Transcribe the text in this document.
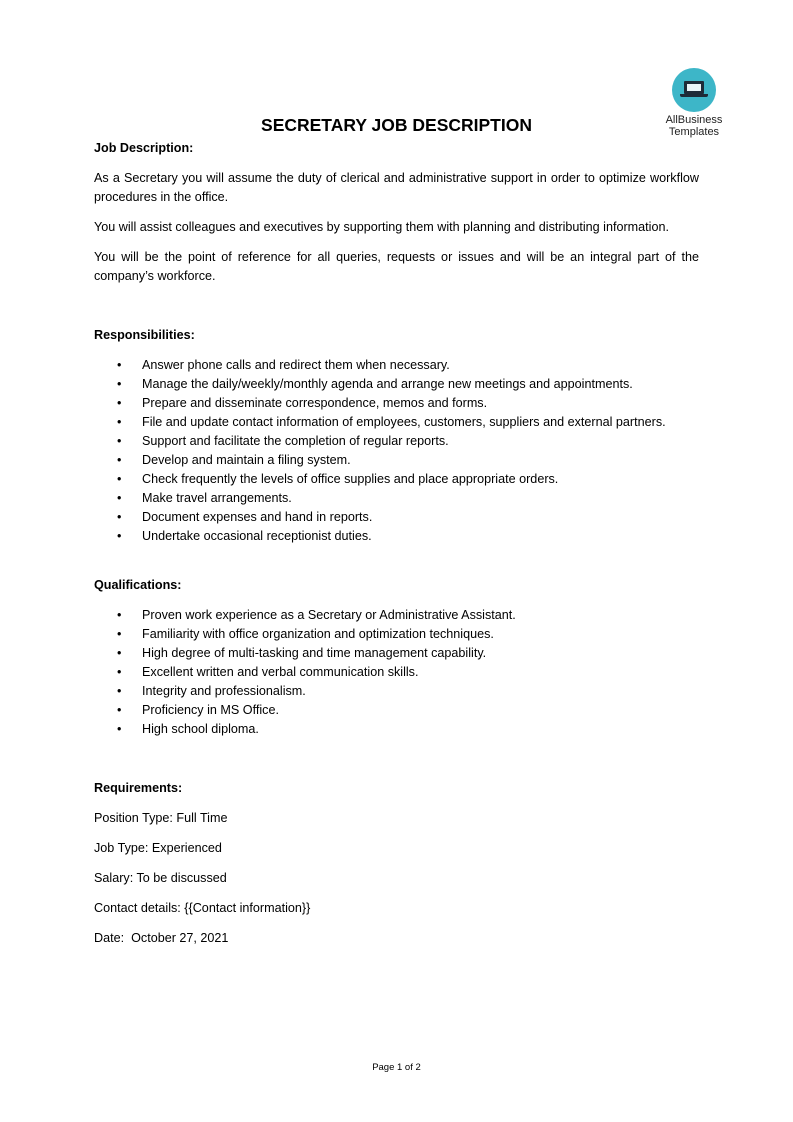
AllBusiness
Templates
SECRETARY JOB DESCRIPTION
Job Description:

As a Secretary you will assume the duty of clerical and administrative support in order to optimize workflow procedures in the office.

You will assist colleagues and executives by supporting them with planning and distributing information.

You will be the point of reference for all queries, requests or issues and will be an integral part of the company’s workforce.

Responsibilities:
• Answer phone calls and redirect them when necessary.
• Manage the daily/weekly/monthly agenda and arrange new meetings and appointments.
• Prepare and disseminate correspondence, memos and forms.
• File and update contact information of employees, customers, suppliers and external partners.
• Support and facilitate the completion of regular reports.
• Develop and maintain a filing system.
• Check frequently the levels of office supplies and place appropriate orders.
• Make travel arrangements.
• Document expenses and hand in reports.
• Undertake occasional receptionist duties.
Qualifications:
• Proven work experience as a Secretary or Administrative Assistant.
• Familiarity with office organization and optimization techniques.
• High degree of multi-tasking and time management capability.
• Excellent written and verbal communication skills.
• Integrity and professionalism.
• Proficiency in MS Office.
• High school diploma.
Requirements:

Position Type: Full Time

Job Type: Experienced

Salary: To be discussed

Contact details: {{Contact information}}

Date:  October 27, 2021

Page 1 of 2
